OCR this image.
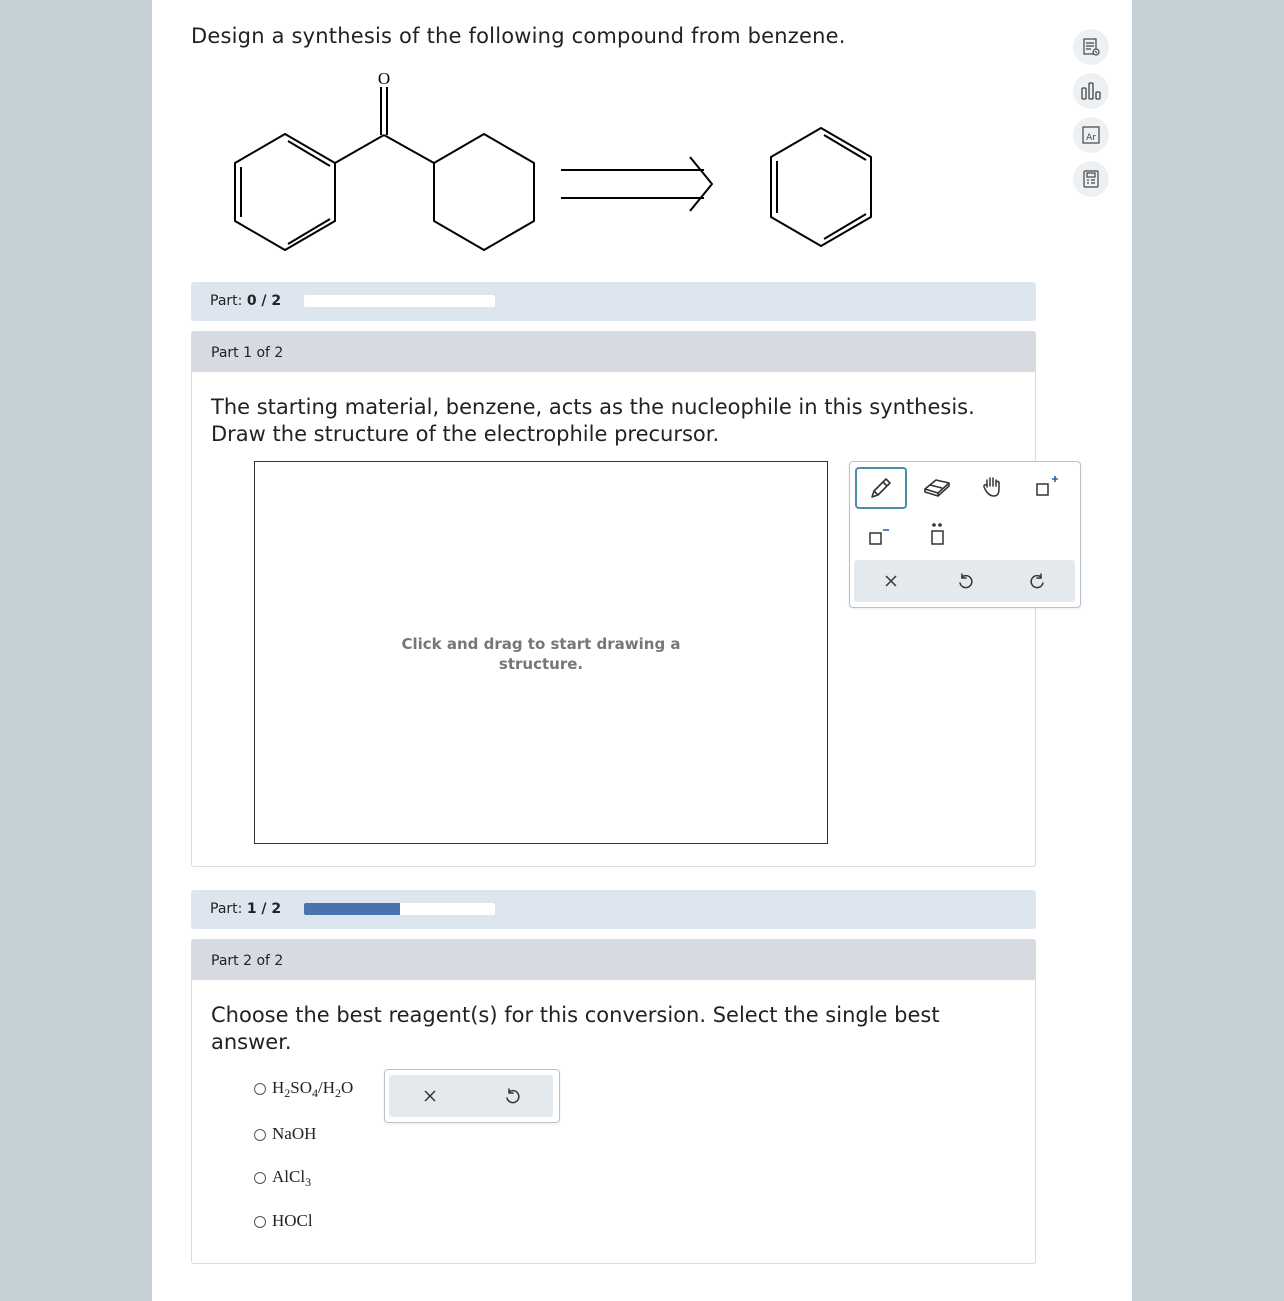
Design a synthesis of the following compound from benzene.
O
Part: 0 / 2
Part 1 of 2
The starting material, benzene, acts as the nucleophile in this synthesis.
Draw the structure of the electrophile precursor.
Click and drag to start drawing a
structure.
Ar
Part: 1 / 2
Part 2 of 2
Choose the best reagent(s) for this conversion. Select the single best
answer.
$H_2SO_4/H_2O$
NaOH
AlCl$_3$
HOCl
